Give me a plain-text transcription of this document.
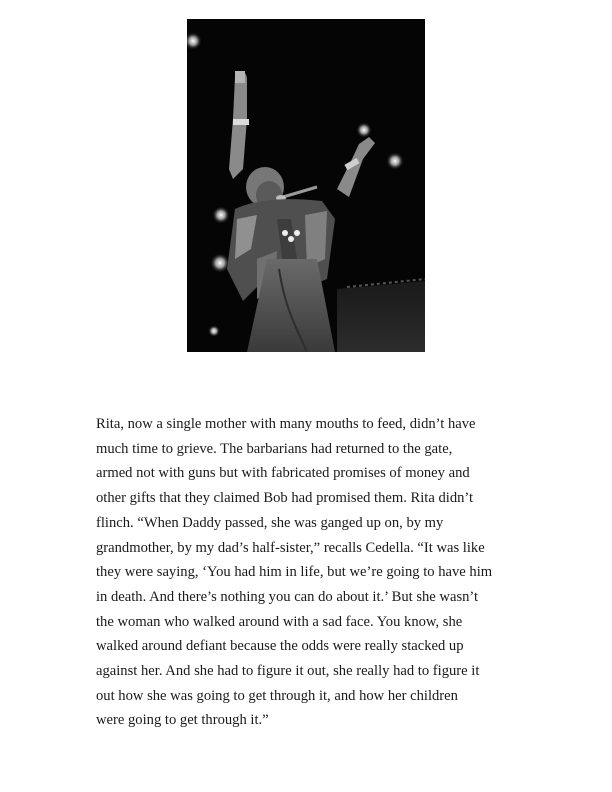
Rita, now a single mother with many mouths to feed, didn’t have
much time to grieve. The barbarians had returned to the gate,
armed not with guns but with fabricated promises of money and
other gifts that they claimed Bob had promised them. Rita didn’t
flinch. “When Daddy passed, she was ganged up on, by my
grandmother, by my dad’s half-sister,” recalls Cedella. “It was like
they were saying, ‘You had him in life, but we’re going to have him
in death. And there’s nothing you can do about it.’ But she wasn’t
the woman who walked around with a sad face. You know, she
walked around defiant because the odds were really stacked up
against her. And she had to figure it out, she really had to figure it
out how she was going to get through it, and how her children
were going to get through it.”
